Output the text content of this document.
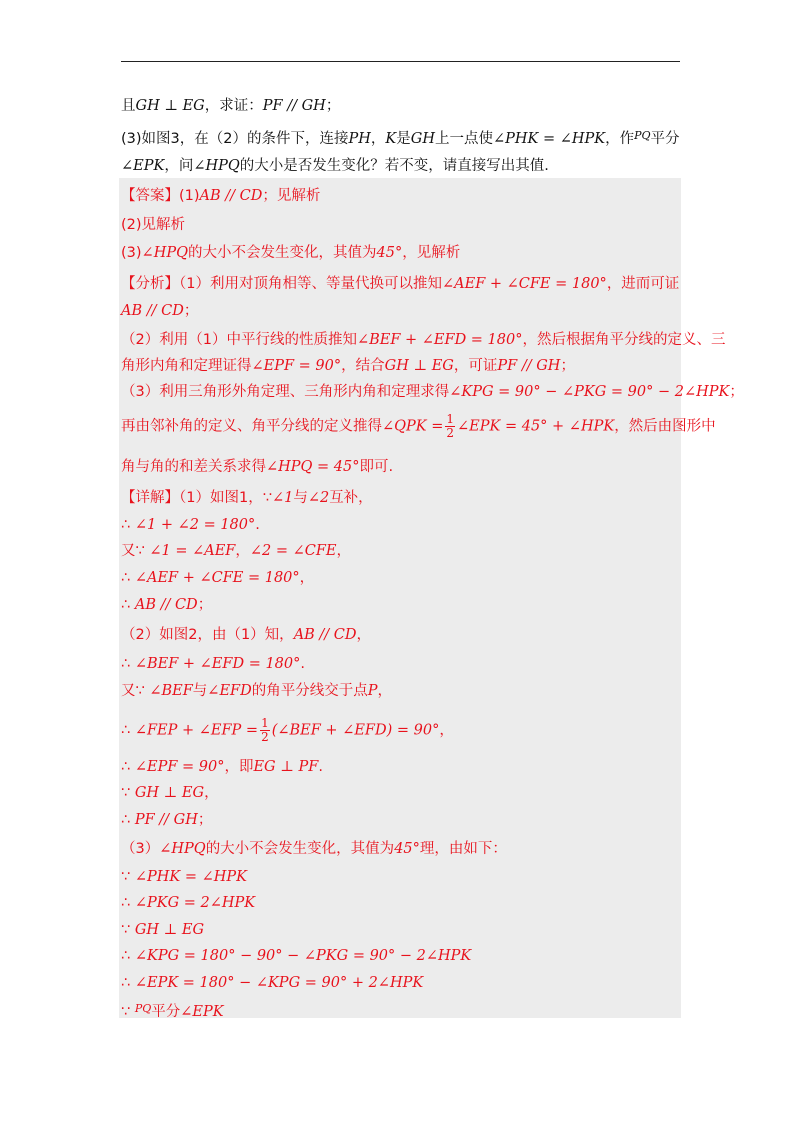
且GH ⊥ EG，求证：PF // GH；
(3)如图3，在（2）的条件下，连接PH，K是GH上一点使∠PHK = ∠HPK，作$^{PQ}$平分
∠EPK，问∠HPQ的大小是否发生变化？若不变，请直接写出其值.
【答案】(1)AB // CD；见解析
(2)见解析
(3)∠HPQ的大小不会发生变化，其值为45°，见解析
【分析】（1）利用对顶角相等、等量代换可以推知∠AEF + ∠CFE = 180°，进而可证
AB // CD；
（2）利用（1）中平行线的性质推知∠BEF + ∠EFD = 180°，然后根据角平分线的定义、三
角形内角和定理证得∠EPF = 90°，结合GH ⊥ EG，可证PF // GH；
（3）利用三角形外角定理、三角形内角和定理求得∠KPG = 90° − ∠PKG = 90° − 2∠HPK；
再由邻补角的定义、角平分线的定义推得∠QPK = $\frac{1}{2}$ ∠EPK = 45° + ∠HPK，然后由图形中
角与角的和差关系求得∠HPQ = 45°即可.
【详解】（1）如图1，∵∠1与∠2互补，
∴ ∠1 + ∠2 = 180°.
又∵ ∠1 = ∠AEF，∠2 = ∠CFE，
∴ ∠AEF + ∠CFE = 180°，
∴ AB // CD；
（2）如图2，由（1）知，AB // CD，
∴ ∠BEF + ∠EFD = 180°.
又∵ ∠BEF与∠EFD的角平分线交于点P，
∴ ∠FEP + ∠EFP = $\frac{1}{2}$ (∠BEF + ∠EFD) = 90°，
∴ ∠EPF = 90°，即EG ⊥ PF.
∵ GH ⊥ EG，
∴ PF // GH；
（3）∠HPQ的大小不会发生变化，其值为45°理，由如下：
∵ ∠PHK = ∠HPK
∴ ∠PKG = 2∠HPK
∵ GH ⊥ EG
∴ ∠KPG = 180° − 90° − ∠PKG = 90° − 2∠HPK
∴ ∠EPK = 180° − ∠KPG = 90° + 2∠HPK
∵ $^{PQ}$平分∠EPK
